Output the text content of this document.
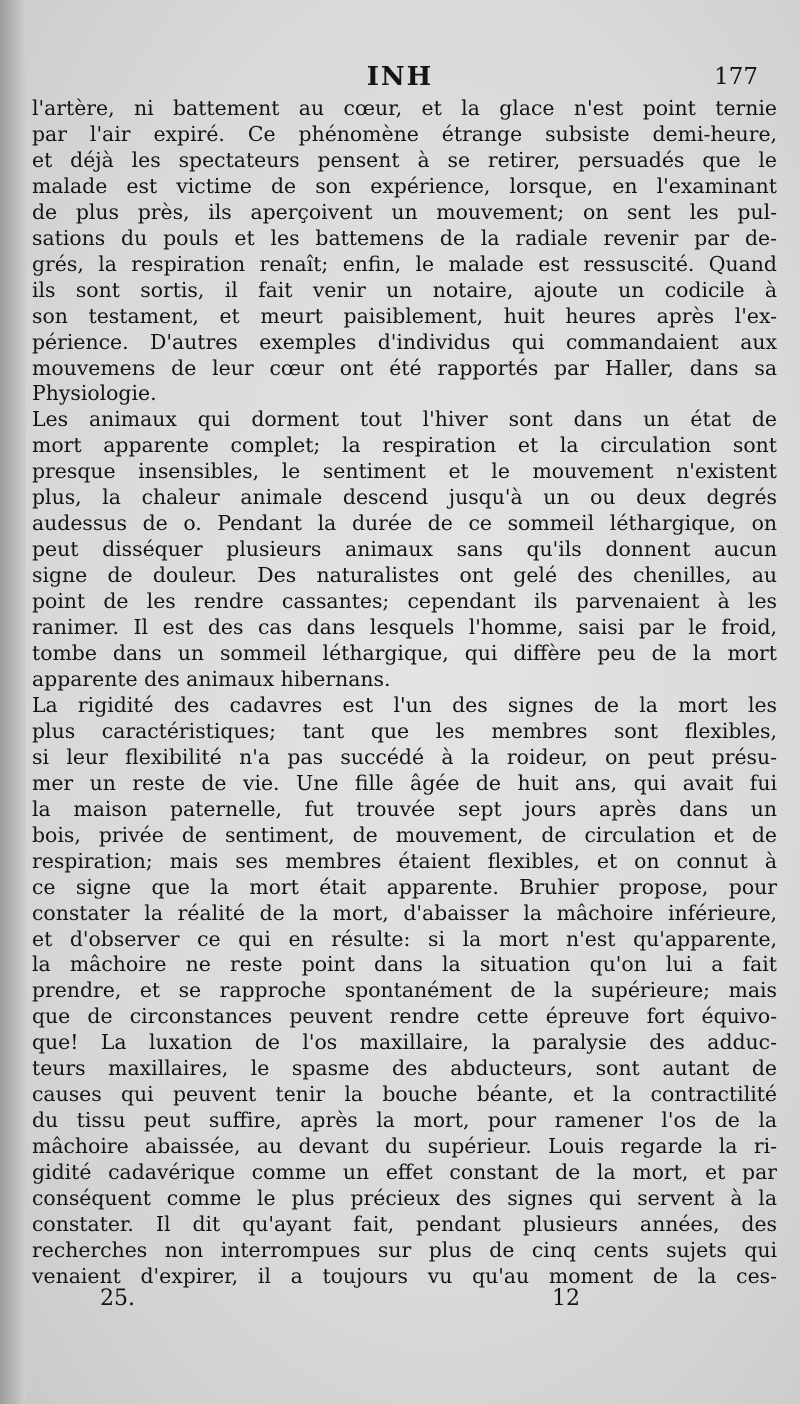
INH	177
l'artère, ni battement au cœur, et la glace n'est point ternie
par l'air expiré. Ce phénomène étrange subsiste demi-heure,
et déjà les spectateurs pensent à se retirer, persuadés que le
malade est victime de son expérience, lorsque, en l'examinant
de plus près, ils aperçoivent un mouvement; on sent les pul-
sations du pouls et les battemens de la radiale revenir par de-
grés, la respiration renaît; enfin, le malade est ressuscité. Quand
ils sont sortis, il fait venir un notaire, ajoute un codicile à
son testament, et meurt paisiblement, huit heures après l'ex-
périence. D'autres exemples d'individus qui commandaient aux
mouvemens de leur cœur ont été rapportés par Haller, dans sa
Physiologie.
Les animaux qui dorment tout l'hiver sont dans un état de
mort apparente complet; la respiration et la circulation sont
presque insensibles, le sentiment et le mouvement n'existent
plus, la chaleur animale descend jusqu'à un ou deux degrés
audessus de o. Pendant la durée de ce sommeil léthargique, on
peut disséquer plusieurs animaux sans qu'ils donnent aucun
signe de douleur. Des naturalistes ont gelé des chenilles, au
point de les rendre cassantes; cependant ils parvenaient à les
ranimer. Il est des cas dans lesquels l'homme, saisi par le froid,
tombe dans un sommeil léthargique, qui diffère peu de la mort
apparente des animaux hibernans.
La rigidité des cadavres est l'un des signes de la mort les
plus caractéristiques; tant que les membres sont flexibles,
si leur flexibilité n'a pas succédé à la roideur, on peut présu-
mer un reste de vie. Une fille âgée de huit ans, qui avait fui
la maison paternelle, fut trouvée sept jours après dans un
bois, privée de sentiment, de mouvement, de circulation et de
respiration; mais ses membres étaient flexibles, et on connut à
ce signe que la mort était apparente. Bruhier propose, pour
constater la réalité de la mort, d'abaisser la mâchoire inférieure,
et d'observer ce qui en résulte: si la mort n'est qu'apparente,
la mâchoire ne reste point dans la situation qu'on lui a fait
prendre, et se rapproche spontanément de la supérieure; mais
que de circonstances peuvent rendre cette épreuve fort équivo-
que! La luxation de l'os maxillaire, la paralysie des adduc-
teurs maxillaires, le spasme des abducteurs, sont autant de
causes qui peuvent tenir la bouche béante, et la contractilité
du tissu peut suffire, après la mort, pour ramener l'os de la
mâchoire abaissée, au devant du supérieur. Louis regarde la ri-
gidité cadavérique comme un effet constant de la mort, et par
conséquent comme le plus précieux des signes qui servent à la
constater. Il dit qu'ayant fait, pendant plusieurs années, des
recherches non interrompues sur plus de cinq cents sujets qui
venaient d'expirer, il a toujours vu qu'au moment de la ces-
25.	12
